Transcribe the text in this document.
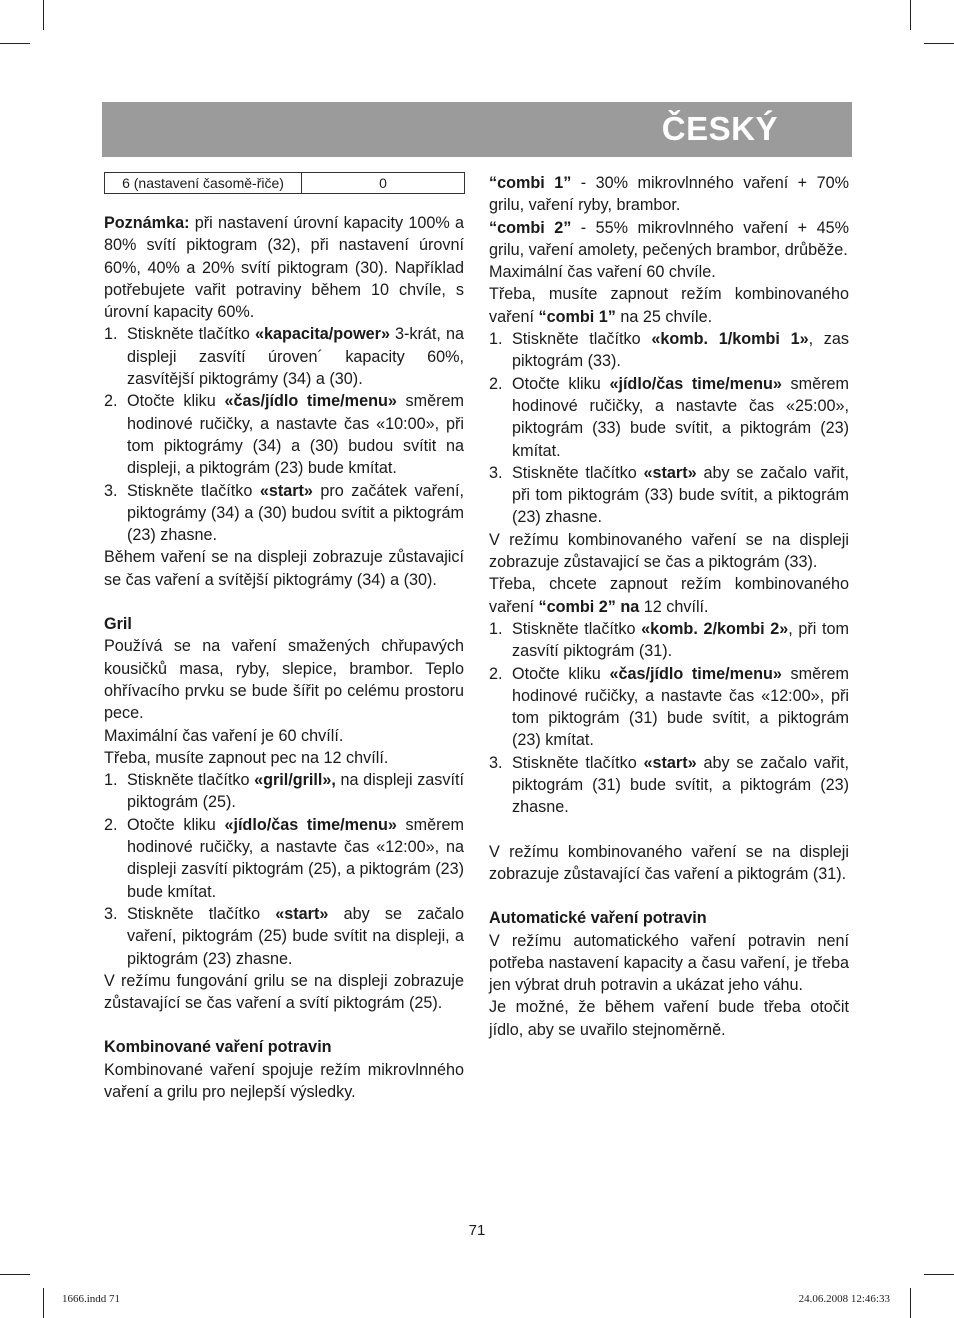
ČESKÝ
6 (nastavení časomě-řiče)	0

Poznámka: při nastavení úrovní kapacity 100% a 80% svítí piktogram (32), při nastavení úrovní 60%, 40% a 20% svítí piktogram (30). Například potřebujete vařit potraviny během 10 chvíle, s úrovní kapacity 60%.

1. Stiskněte tlačítko «kapacita/power» 3-krát, na displeji zasvítí úroven´ kapacity 60%, zasvítější piktográmy (34) a (30).
2. Otočte kliku «čas/jídlo time/menu» směrem hodinové ručičky, a nastavte čas «10:00», při tom piktográmy (34) a (30) budou svítit na displeji, a piktográm (23) bude kmítat.
3. Stiskněte tlačítko «start» pro začátek vaření, piktográmy (34) a (30) budou svítit a piktográm (23) zhasne.

Během vaření se na displeji zobrazuje zůstavajicí se čas vaření a svítější piktográmy (34) a (30).

Gril

Používá se na vaření smažených chřupavých kousičků masa, ryby, slepice, brambor. Teplo ohřívacího prvku se bude šířit po celému prostoru pece.

Maximální čas vaření je 60 chvílí.

Třeba, musíte zapnout pec na 12 chvílí.

1. Stiskněte tlačítko «gril/grill», na displeji zasvítí piktográm (25).
2. Otočte kliku «jídlo/čas time/menu» směrem hodinové ručičky, a nastavte čas «12:00», na displeji zasvítí piktográm (25), a piktográm (23) bude kmítat.
3. Stiskněte tlačítko «start» aby se začalo vaření, piktográm (25) bude svítit na displeji, a piktográm (23) zhasne.

V režímu fungování grilu se na displeji zobrazuje zůstavající se čas vaření a svítí piktográm (25).

Kombinované vaření potravin

Kombinované vaření spojuje režím mikrovlnného vaření a grilu pro nejlepší výsledky.

“combi 1” - 30% mikrovlnného vaření + 70% grilu, vaření ryby, brambor.

“combi 2” - 55% mikrovlnného vaření + 45% grilu, vaření amolety, pečených brambor, drůběže.

Maximální čas vaření 60 chvíle.

Třeba, musíte zapnout režím kombinovaného vaření “combi 1” na 25 chvíle.

1. Stiskněte tlačítko «komb. 1/kombi 1», zas piktográm (33).
2. Otočte kliku «jídlo/čas time/menu» směrem hodinové ručičky, a nastavte čas «25:00», piktográm (33) bude svítit, a piktográm (23) kmítat.
3. Stiskněte tlačítko «start» aby se začalo vařit, při tom piktográm (33) bude svítit, a piktográm (23) zhasne.

V režímu kombinovaného vaření se na displeji zobrazuje zůstavajicí se čas a piktográm (33).

Třeba, chcete zapnout režím kombinovaného vaření “combi 2” na 12 chvílí.

1. Stiskněte tlačítko «komb. 2/kombi 2», při tom zasvítí piktográm (31).
2. Otočte kliku «čas/jídlo time/menu» směrem hodinové ručičky, a nastavte čas «12:00», při tom piktográm (31) bude svítit, a piktográm (23) kmítat.
3. Stiskněte tlačítko «start» aby se začalo vařit, piktográm (31) bude svítit, a piktográm (23) zhasne.

V režímu kombinovaného vaření se na displeji zobrazuje zůstavající čas vaření a piktográm (31).

Automatické vaření potravin

V režímu automatického vaření potravin není potřeba nastavení kapacity a času vaření, je třeba jen výbrat druh potravin a ukázat jeho váhu.

Je možné, že během vaření bude třeba otočit jídlo, aby se uvařilo stejnoměrně.

71
1666.indd 71	24.06.2008 12:46:33
